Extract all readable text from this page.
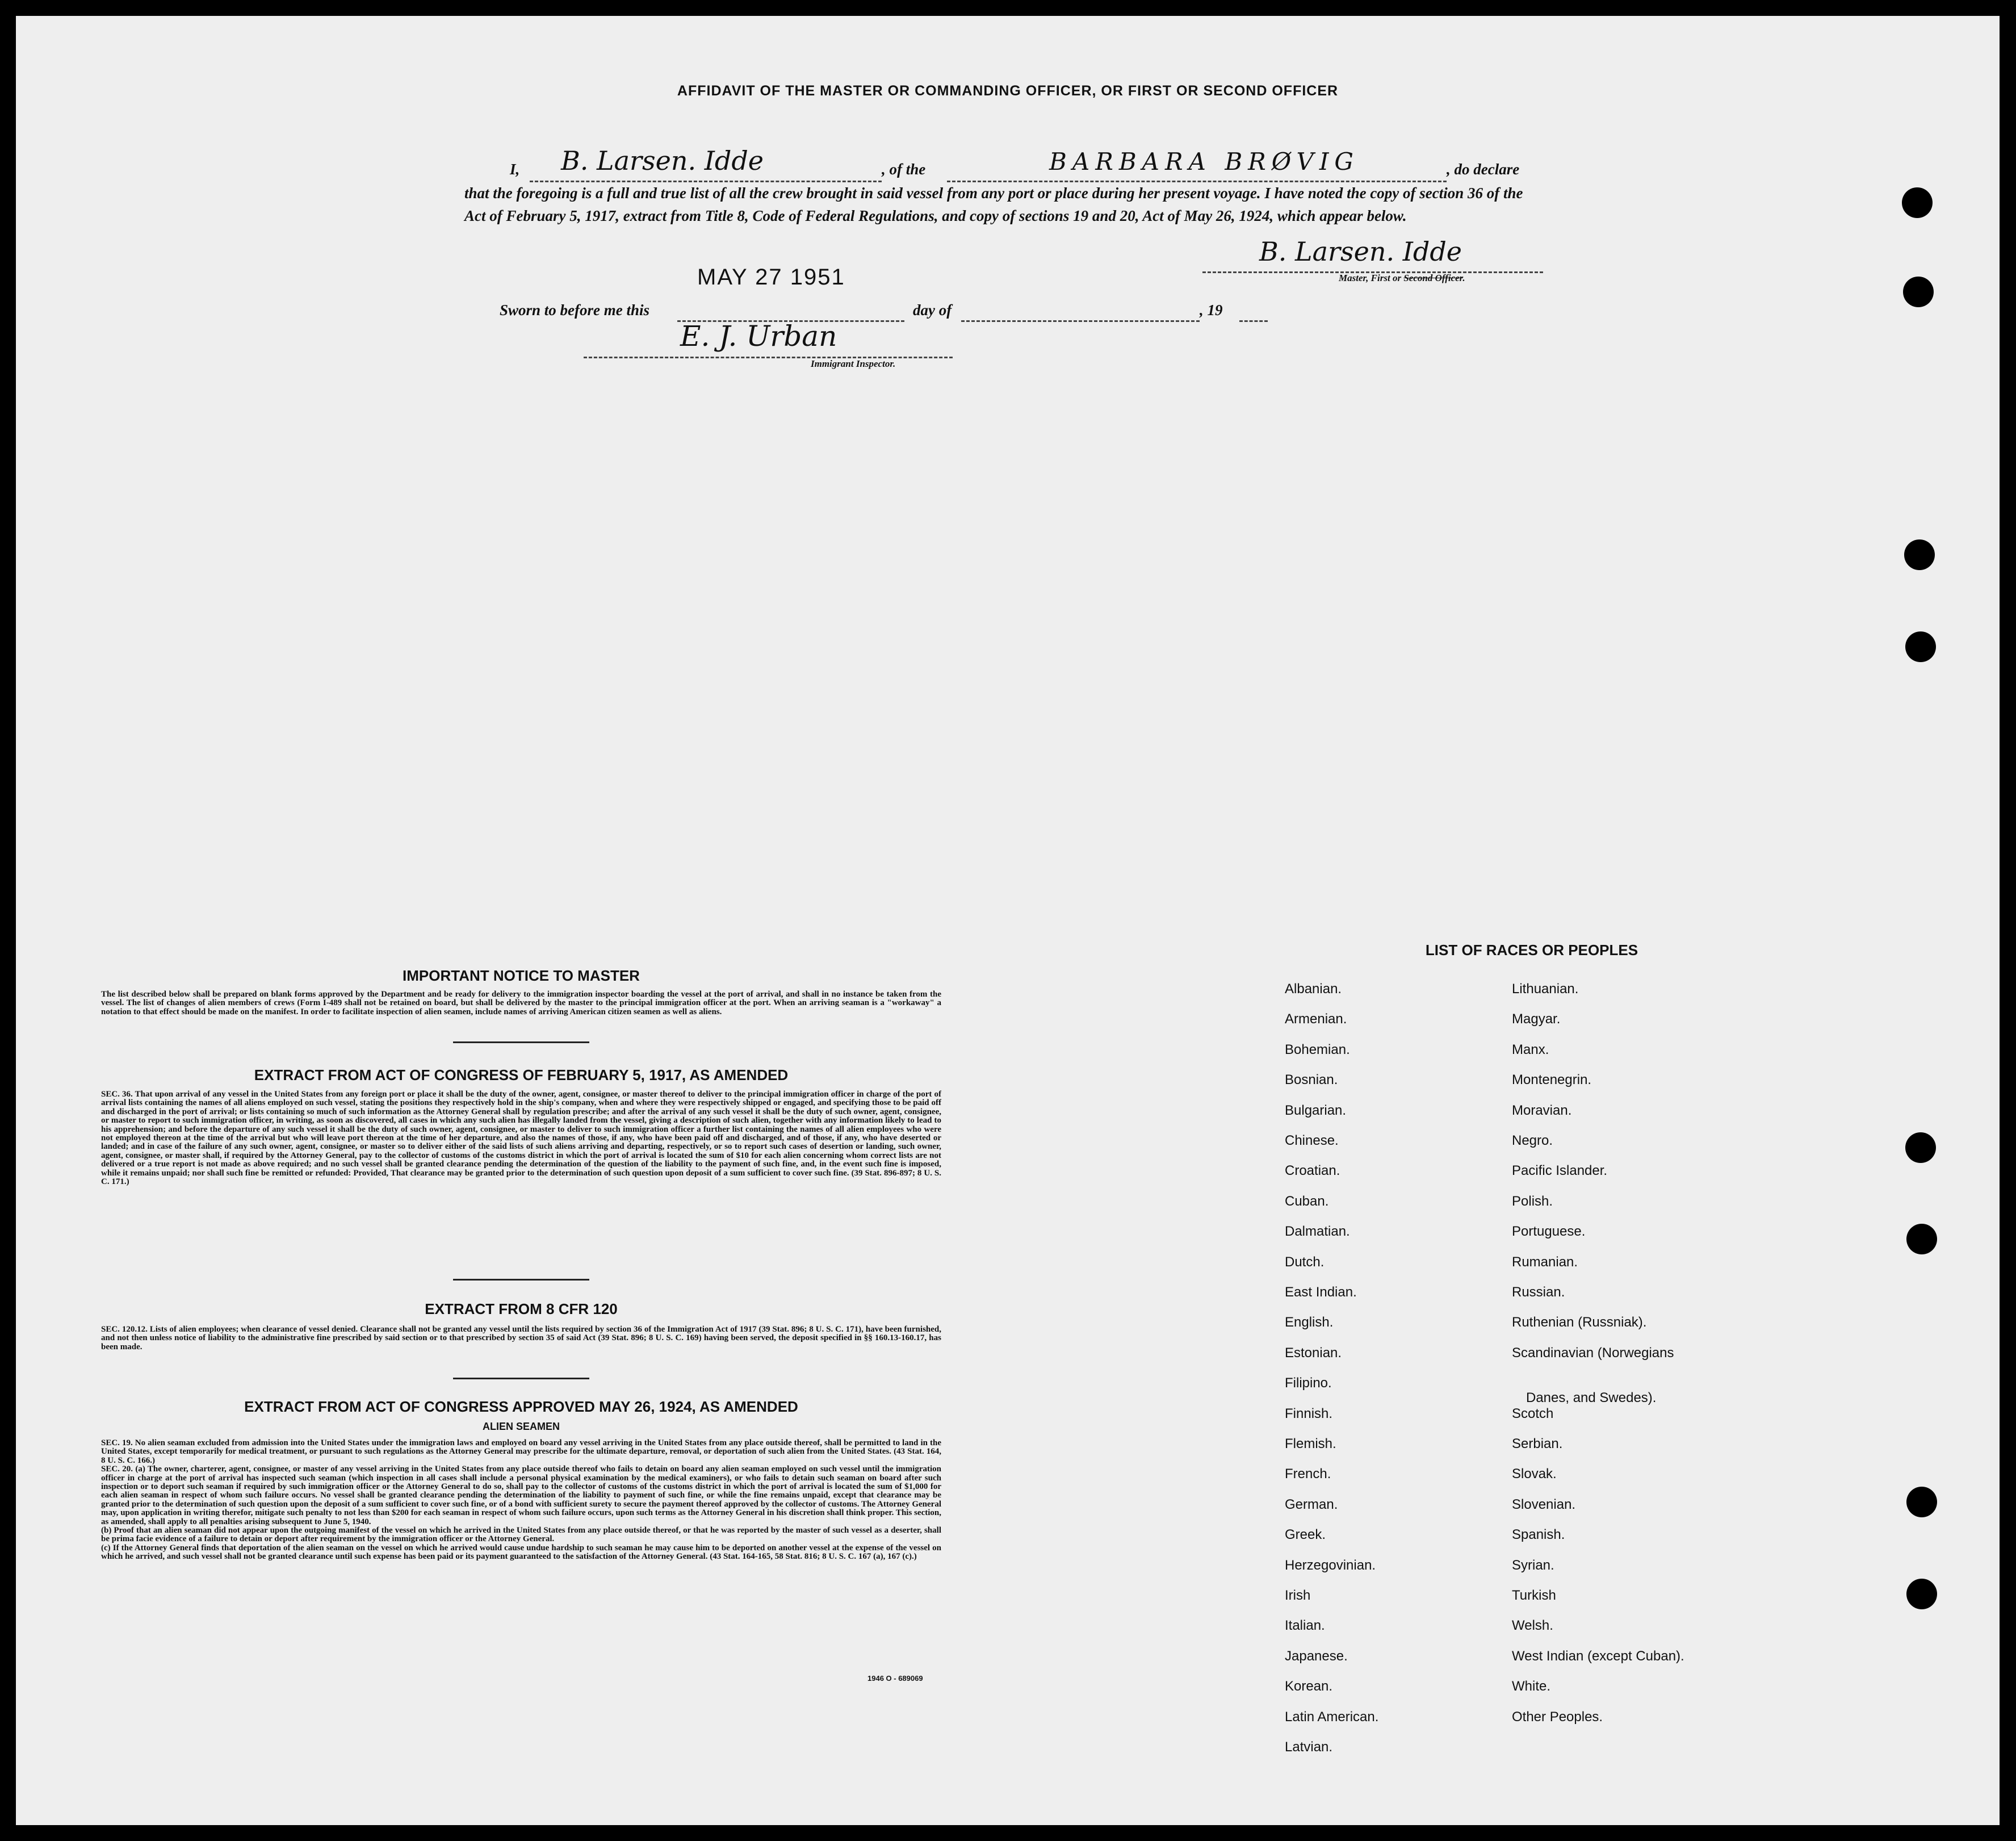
AFFIDAVIT OF THE MASTER OR COMMANDING OFFICER, OR FIRST OR SECOND OFFICER
I, B. Larsen. Idde	, of the	BARBARA BRØVIG	, do declare
that the foregoing is a full and true list of all the crew brought in said vessel from any port or place during her present voyage. I have noted the copy of section 36 of the Act of February 5, 1917, extract from Title 8, Code of Federal Regulations, and copy of sections 19 and 20, Act of May 26, 1924, which appear below.
B. Larsen. Idde
Master, First or Second Officer.
MAY 27 1951
Sworn to before me this	day of	, 19
E. J. Urban
Immigrant Inspector.
IMPORTANT NOTICE TO MASTER
The list described below shall be prepared on blank forms approved by the Department and be ready for delivery to the immigration inspector boarding the vessel at the port of arrival, and shall in no instance be taken from the vessel. The list of changes of alien members of crews (Form I-489 shall not be retained on board, but shall be delivered by the master to the principal immigration officer at the port. When an arriving seaman is a "workaway" a notation to that effect should be made on the manifest. In order to facilitate inspection of alien seamen, include names of arriving American citizen seamen as well as aliens.
EXTRACT FROM ACT OF CONGRESS OF FEBRUARY 5, 1917, AS AMENDED
SEC. 36. That upon arrival of any vessel in the United States from any foreign port or place it shall be the duty of the owner, agent, consignee, or master thereof to deliver to the principal immigration officer in charge of the port of arrival lists containing the names of all aliens employed on such vessel, stating the positions they respectively hold in the ship's company, when and where they were respectively shipped or engaged, and specifying those to be paid off and discharged in the port of arrival; or lists containing so much of such information as the Attorney General shall by regulation prescribe; and after the arrival of any such vessel it shall be the duty of such owner, agent, consignee, or master to report to such immigration officer, in writing, as soon as discovered, all cases in which any such alien has illegally landed from the vessel, giving a description of such alien, together with any information likely to lead to his apprehension; and before the departure of any such vessel it shall be the duty of such owner, agent, consignee, or master to deliver to such immigration officer a further list containing the names of all alien employees who were not employed thereon at the time of the arrival but who will leave port thereon at the time of her departure, and also the names of those, if any, who have been paid off and discharged, and of those, if any, who have deserted or landed; and in case of the failure of any such owner, agent, consignee, or master so to deliver either of the said lists of such aliens arriving and departing, respectively, or so to report such cases of desertion or landing, such owner, agent, consignee, or master shall, if required by the Attorney General, pay to the collector of customs of the customs district in which the port of arrival is located the sum of $10 for each alien concerning whom correct lists are not delivered or a true report is not made as above required; and no such vessel shall be granted clearance pending the determination of the question of the liability to the payment of such fine, and, in the event such fine is imposed, while it remains unpaid; nor shall such fine be remitted or refunded: Provided, That clearance may be granted prior to the determination of such question upon deposit of a sum sufficient to cover such fine. (39 Stat. 896-897; 8 U. S. C. 171.)
EXTRACT FROM 8 CFR 120
SEC. 120.12. Lists of alien employees; when clearance of vessel denied. Clearance shall not be granted any vessel until the lists required by section 36 of the Immigration Act of 1917 (39 Stat. 896; 8 U. S. C. 171), have been furnished, and not then unless notice of liability to the administrative fine prescribed by said section or to that prescribed by section 35 of said Act (39 Stat. 896; 8 U. S. C. 169) having been served, the deposit specified in §§ 160.13-160.17, has been made.
EXTRACT FROM ACT OF CONGRESS APPROVED MAY 26, 1924, AS AMENDED
ALIEN SEAMEN
SEC. 19. No alien seaman excluded from admission into the United States under the immigration laws and employed on board any vessel arriving in the United States from any place outside thereof, shall be permitted to land in the United States, except temporarily for medical treatment, or pursuant to such regulations as the Attorney General may prescribe for the ultimate departure, removal, or deportation of such alien from the United States. (43 Stat. 164, 8 U. S. C. 166.)
SEC. 20. (a) The owner, charterer, agent, consignee, or master of any vessel arriving in the United States from any place outside thereof who fails to detain on board any alien seaman employed on such vessel until the immigration officer in charge at the port of arrival has inspected such seaman (which inspection in all cases shall include a personal physical examination by the medical examiners), or who fails to detain such seaman on board after such inspection or to deport such seaman if required by such immigration officer or the Attorney General to do so, shall pay to the collector of customs of the customs district in which the port of arrival is located the sum of $1,000 for each alien seaman in respect of whom such failure occurs. No vessel shall be granted clearance pending the determination of the liability to payment of such fine, or while the fine remains unpaid, except that clearance may be granted prior to the determination of such question upon the deposit of a sum sufficient to cover such fine, or of a bond with sufficient surety to secure the payment thereof approved by the collector of customs. The Attorney General may, upon application in writing therefor, mitigate such penalty to not less than $200 for each seaman in respect of whom such failure occurs, upon such terms as the Attorney General in his discretion shall think proper. This section, as amended, shall apply to all penalties arising subsequent to June 5, 1940.
(b) Proof that an alien seaman did not appear upon the outgoing manifest of the vessel on which he arrived in the United States from any place outside thereof, or that he was reported by the master of such vessel as a deserter, shall be prima facie evidence of a failure to detain or deport after requirement by the immigration officer or the Attorney General.
(c) If the Attorney General finds that deportation of the alien seaman on the vessel on which he arrived would cause undue hardship to such seaman he may cause him to be deported on another vessel at the expense of the vessel on which he arrived, and such vessel shall not be granted clearance until such expense has been paid or its payment guaranteed to the satisfaction of the Attorney General. (43 Stat. 164-165, 58 Stat. 816; 8 U. S. C. 167 (a), 167 (c).)
1946 O - 689069
LIST OF RACES OR PEOPLES
Albanian.
Armenian.
Bohemian.
Bosnian.
Bulgarian.
Chinese.
Croatian.
Cuban.
Dalmatian.
Dutch.
East Indian.
English.
Estonian.
Filipino.
Finnish.
Flemish.
French.
German.
Greek.
Herzegovinian.
Irish
Italian.
Japanese.
Korean.
Latin American.
Latvian.
Lithuanian.
Magyar.
Manx.
Montenegrin.
Moravian.
Negro.
Pacific Islander.
Polish.
Portuguese.
Rumanian.
Russian.
Ruthenian (Russniak).
Scandinavian (Norwegians
Danes, and Swedes).
Scotch
Serbian.
Slovak.
Slovenian.
Spanish.
Syrian.
Turkish
Welsh.
West Indian (except Cuban).
White.
Other Peoples.
